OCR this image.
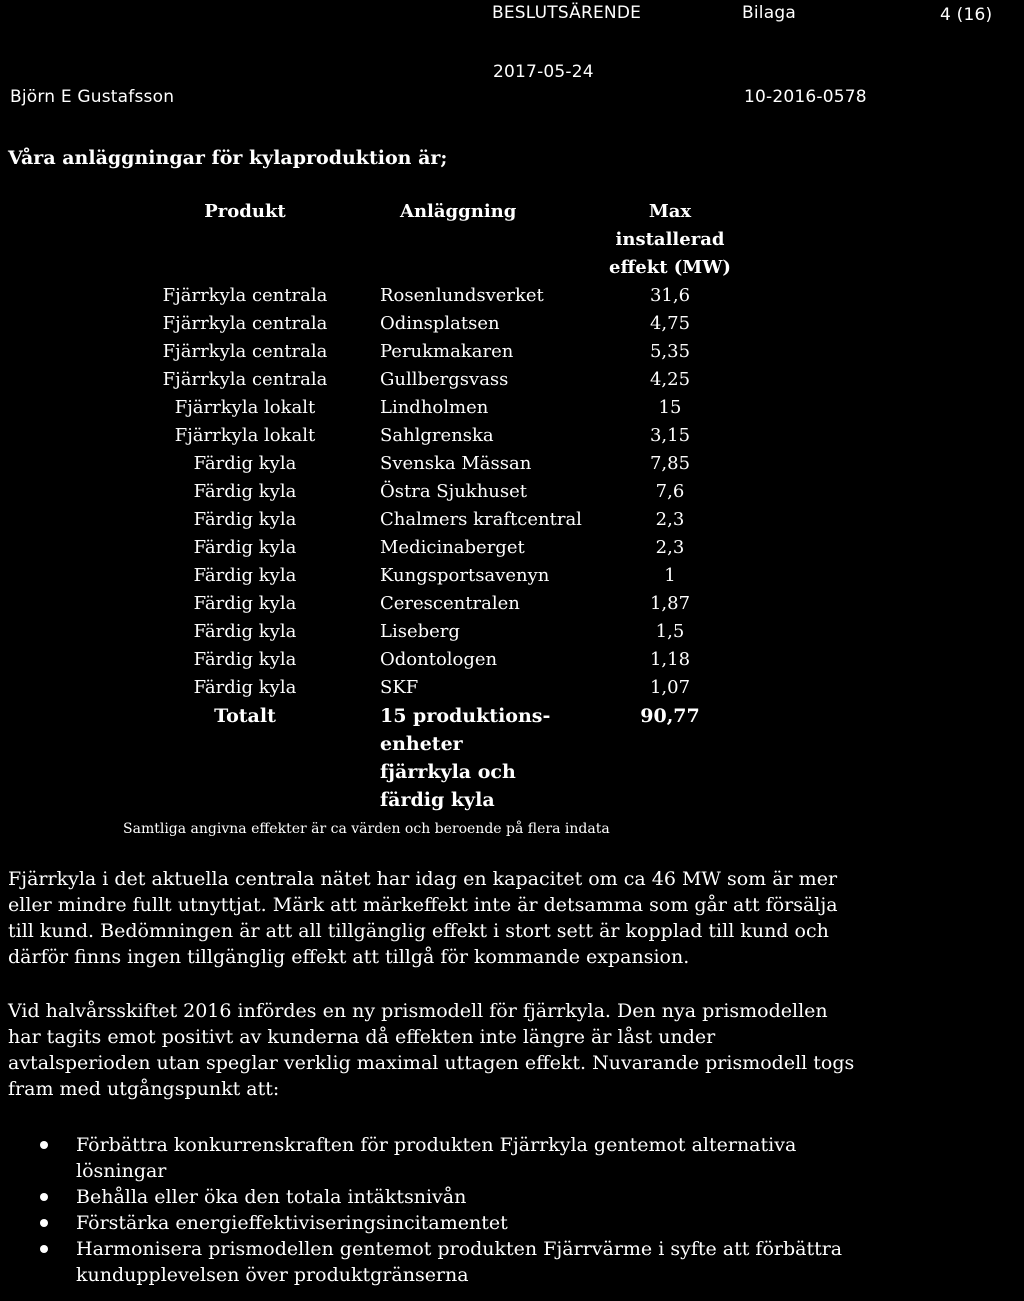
BESLUTSÄRENDE	Bilaga	4 (16)
2017-05-24
Björn E Gustafsson	10-2016-0578
Våra anläggningar för kylaproduktion är;
Produkt	Anläggning	Max
installerad
effekt (MW)

Fjärrkyla centrala	Rosenlundsverket	31,6
Fjärrkyla centrala	Odinsplatsen	4,75
Fjärrkyla centrala	Perukmakaren	5,35
Fjärrkyla centrala	Gullbergsvass	4,25
Fjärrkyla lokalt	Lindholmen	15
Fjärrkyla lokalt	Sahlgrenska	3,15
Färdig kyla	Svenska Mässan	7,85
Färdig kyla	Östra Sjukhuset	7,6
Färdig kyla	Chalmers kraftcentral	2,3
Färdig kyla	Medicinaberget	2,3
Färdig kyla	Kungsportsavenyn	1
Färdig kyla	Cerescentralen	1,87
Färdig kyla	Liseberg	1,5
Färdig kyla	Odontologen	1,18
Färdig kyla	SKF	1,07
Totalt	15 produktions-enheter fjärrkyla och färdig kyla	90,77
Samtliga angivna effekter är ca värden och beroende på flera indata
Fjärrkyla i det aktuella centrala nätet har idag en kapacitet om ca 46 MW som är mer eller mindre fullt utnyttjat. Märk att märkeffekt inte är detsamma som går att försälja till kund. Bedömningen är att all tillgänglig effekt i stort sett är kopplad till kund och därför finns ingen tillgänglig effekt att tillgå för kommande expansion.
Vid halvårsskiftet 2016 infördes en ny prismodell för fjärrkyla. Den nya prismodellen har tagits emot positivt av kunderna då effekten inte längre är låst under avtalsperioden utan speglar verklig maximal uttagen effekt. Nuvarande prismodell togs fram med utgångspunkt att:
Förbättra konkurrenskraften för produkten Fjärrkyla gentemot alternativa lösningar
Behålla eller öka den totala intäktsnivån
Förstärka energieffektiviseringsincitamentet
Harmonisera prismodellen gentemot produkten Fjärrvärme i syfte att förbättra kundupplevelsen över produktgränserna
